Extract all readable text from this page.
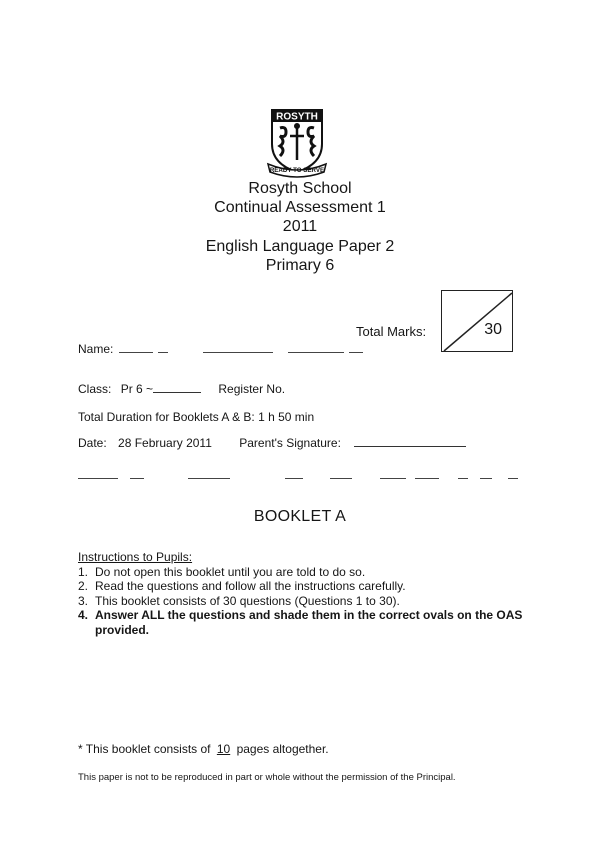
ROSYTH
READY TO SERVE
Rosyth School
Continual Assessment 1
2011
English Language Paper 2
Primary 6
Total Marks:	30
Name:
Class: Pr 6 ~	Register No.
Total Duration for Booklets A & B: 1 h 50 min
Date: 28 February 2011 Parent's Signature:
BOOKLET A
Instructions to Pupils:
1. Do not open this booklet until you are told to do so.
2. Read the questions and follow all the instructions carefully.
3. This booklet consists of 30 questions (Questions 1 to 30).
4. Answer ALL the questions and shade them in the correct ovals on the OAS provided.
* This booklet consists of 10 pages altogether.
This paper is not to be reproduced in part or whole without the permission of the Principal.
